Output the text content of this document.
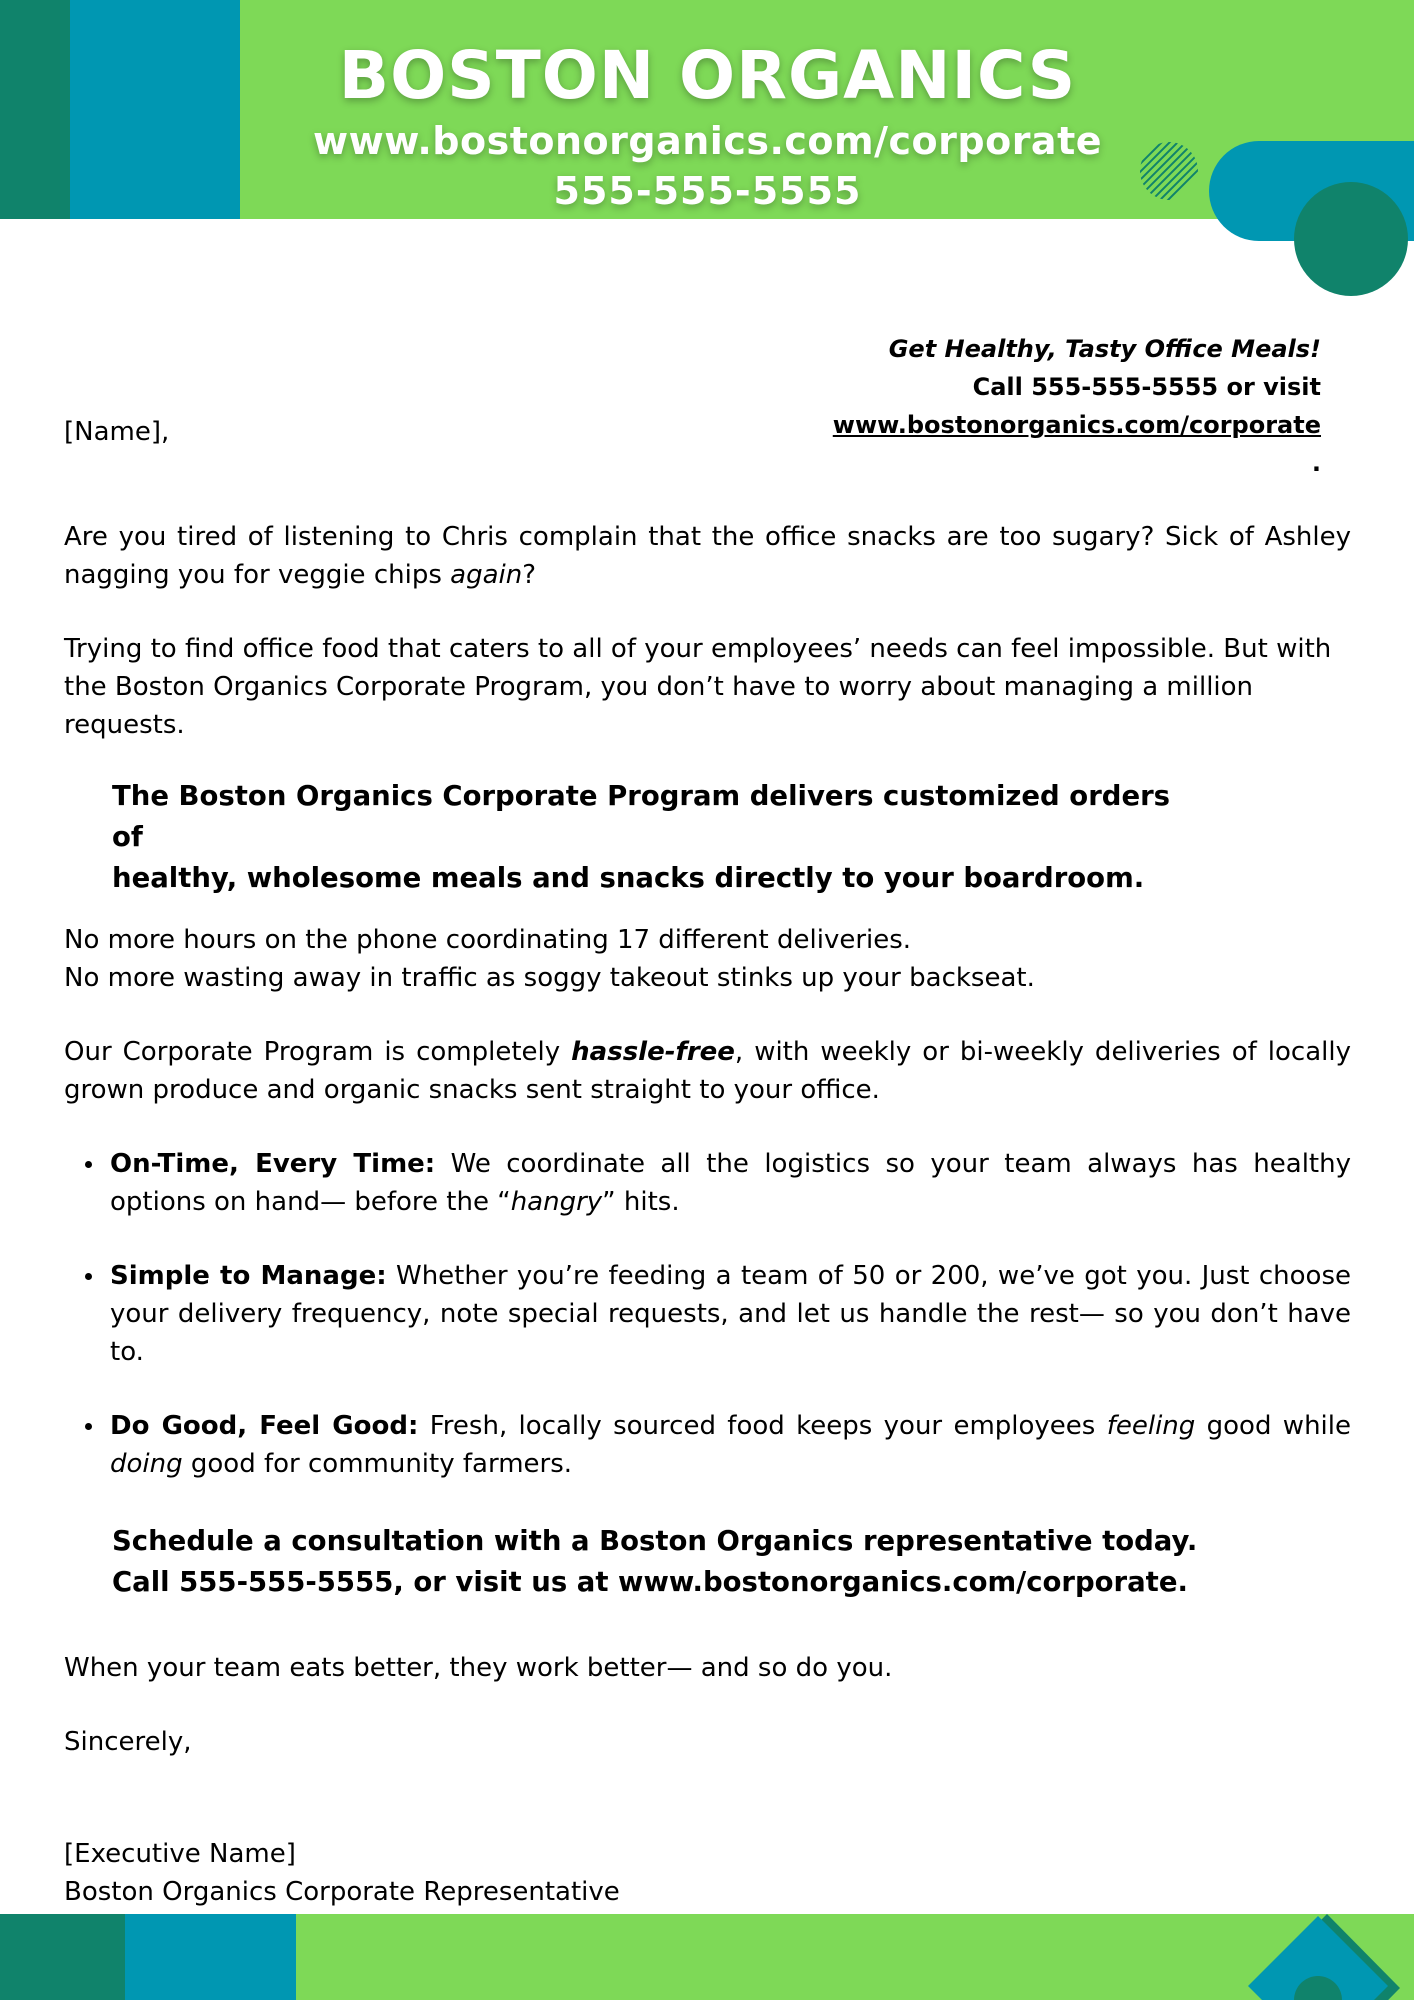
BOSTON ORGANICS
www.bostonorganics.com/corporate
555-555-5555
Get Healthy, Tasty Office Meals!
Call 555-555-5555 or visit
www.bostonorganics.com/corporate
.
[Name],

Are you tired of listening to Chris complain that the office snacks are too sugary? Sick of Ashley nagging you for veggie chips again?

Trying to find office food that caters to all of your employees’ needs can feel impossible. But with the Boston Organics Corporate Program, you don’t have to worry about managing a million requests.

The Boston Organics Corporate Program delivers customized orders of
healthy, wholesome meals and snacks directly to your boardroom.

No more hours on the phone coordinating 17 different deliveries.

No more wasting away in traffic as soggy takeout stinks up your backseat.

Our Corporate Program is completely hassle-free, with weekly or bi-weekly deliveries of locally grown produce and organic snacks sent straight to your office.

On-Time, Every Time: We coordinate all the logistics so your team always has healthy options on hand— before the “hangry” hits.
Simple to Manage: Whether you’re feeding a team of 50 or 200, we’ve got you. Just choose your delivery frequency, note special requests, and let us handle the rest— so you don’t have to.
Do Good, Feel Good: Fresh, locally sourced food keeps your employees feeling good while doing good for community farmers.
Schedule a consultation with a Boston Organics representative today.
Call 555-555-5555, or visit us at www.bostonorganics.com/corporate.

When your team eats better, they work better— and so do you.

Sincerely,

[Executive Name]

Boston Organics Corporate Representative
